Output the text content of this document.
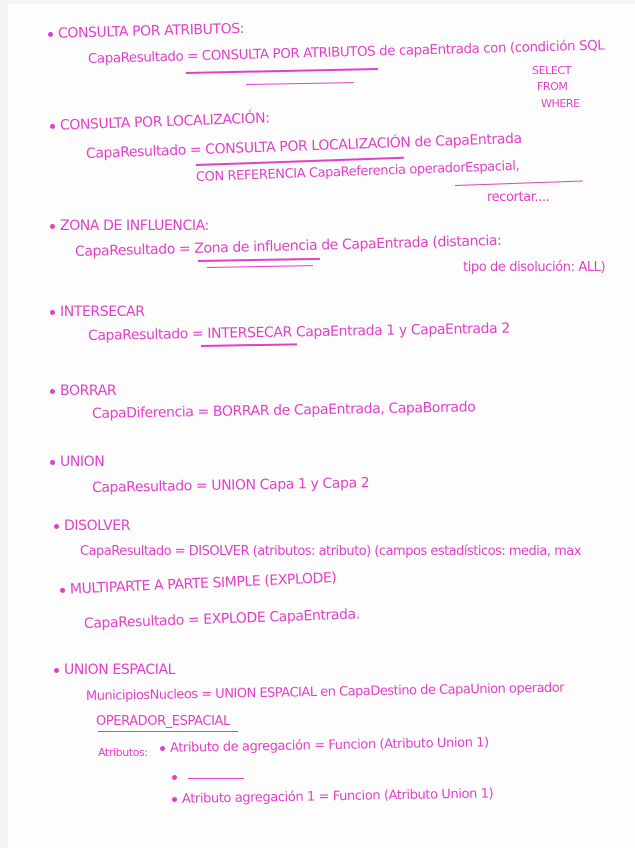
CONSULTA POR ATRIBUTOS:
CapaResultado = CONSULTA POR ATRIBUTOS de capaEntrada con (condición SQL
SELECT
FROM
WHERE
CONSULTA POR LOCALIZACIÓN:
CapaResultado = CONSULTA POR LOCALIZACIÓN de CapaEntrada
CON REFERENCIA CapaReferencia operadorEspacial,
recortar....
ZONA DE INFLUENCIA:
CapaResultado = Zona de influencia de CapaEntrada (distancia:
tipo de disolución: ALL)
INTERSECAR
CapaResultado = INTERSECAR CapaEntrada 1 y CapaEntrada 2
BORRAR
CapaDiferencia = BORRAR de CapaEntrada, CapaBorrado
UNION
CapaResultado = UNION Capa 1 y Capa 2
DISOLVER
CapaResultado = DISOLVER (atributos: atributo) (campos estadísticos: media, max
MULTIPARTE A PARTE SIMPLE (EXPLODE)
CapaResultado = EXPLODE CapaEntrada.
UNION ESPACIAL
MunicipiosNucleos = UNION ESPACIAL en CapaDestino de CapaUnion operador
OPERADOR_ESPACIAL
Atributos:	Atributo de agregación = Funcion (Atributo Union 1)
Atributo agregación 1 = Funcion (Atributo Union 1)
